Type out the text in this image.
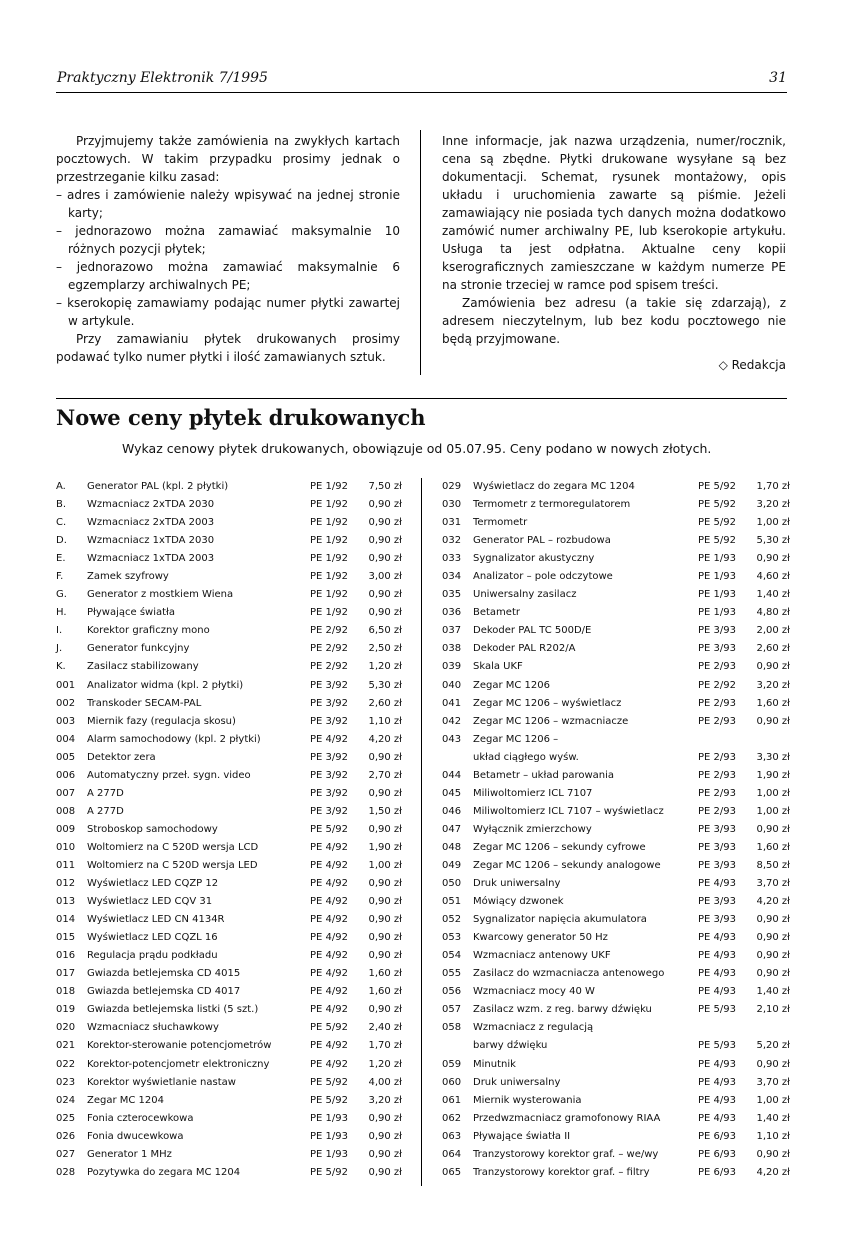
Praktyczny Elektronik 7/1995	31

Przyjmujemy także zamówienia na zwykłych kartach pocztowych. W takim przypadku prosimy jednak o przestrzeganie kilku zasad:

– adres i zamówienie należy wpisywać na jednej stronie karty;

– jednorazowo można zamawiać maksymalnie 10 różnych pozycji płytek;

– jednorazowo można zamawiać maksymalnie 6 egzemplarzy archiwalnych PE;

– kserokopię zamawiamy podając numer płytki zawartej w artykule.

Przy zamawianiu płytek drukowanych prosimy podawać tylko numer płytki i ilość zamawianych sztuk.

Inne informacje, jak nazwa urządzenia, numer/rocznik, cena są zbędne. Płytki drukowane wysyłane są bez dokumentacji. Schemat, rysunek montażowy, opis układu i uruchomienia zawarte są piśmie. Jeżeli zamawiający nie posiada tych danych można dodatkowo zamówić numer archiwalny PE, lub kserokopie artykułu. Usługa ta jest odpłatna. Aktualne ceny kopii kserograficznych zamieszczane w każdym numerze PE na stronie trzeciej w ramce pod spisem treści.

Zamówienia bez adresu (a takie się zdarzają), z adresem nieczytelnym, lub bez kodu pocztowego nie będą przyjmowane.

◇ Redakcja
Nowe ceny płytek drukowanych
Wykaz cenowy płytek drukowanych, obowiązuje od 05.07.95. Ceny podano w nowych złotych.
A.	Generator PAL (kpl. 2 płytki)	PE 1/92	7,50 zł
B.	Wzmacniacz 2xTDA 2030	PE 1/92	0,90 zł
C.	Wzmacniacz 2xTDA 2003	PE 1/92	0,90 zł
D.	Wzmacniacz 1xTDA 2030	PE 1/92	0,90 zł
E.	Wzmacniacz 1xTDA 2003	PE 1/92	0,90 zł
F.	Zamek szyfrowy	PE 1/92	3,00 zł
G.	Generator z mostkiem Wiena	PE 1/92	0,90 zł
H.	Pływające światła	PE 1/92	0,90 zł
I.	Korektor graficzny mono	PE 2/92	6,50 zł
J.	Generator funkcyjny	PE 2/92	2,50 zł
K.	Zasilacz stabilizowany	PE 2/92	1,20 zł
001	Analizator widma (kpl. 2 płytki)	PE 3/92	5,30 zł
002	Transkoder SECAM-PAL	PE 3/92	2,60 zł
003	Miernik fazy (regulacja skosu)	PE 3/92	1,10 zł
004	Alarm samochodowy (kpl. 2 płytki)	PE 4/92	4,20 zł
005	Detektor zera	PE 3/92	0,90 zł
006	Automatyczny przeł. sygn. video	PE 3/92	2,70 zł
007	A 277D	PE 3/92	0,90 zł
008	A 277D	PE 3/92	1,50 zł
009	Stroboskop samochodowy	PE 5/92	0,90 zł
010	Woltomierz na C 520D wersja LCD	PE 4/92	1,90 zł
011	Woltomierz na C 520D wersja LED	PE 4/92	1,00 zł
012	Wyświetlacz LED CQZP 12	PE 4/92	0,90 zł
013	Wyświetlacz LED CQV 31	PE 4/92	0,90 zł
014	Wyświetlacz LED CN 4134R	PE 4/92	0,90 zł
015	Wyświetlacz LED CQZL 16	PE 4/92	0,90 zł
016	Regulacja prądu podkładu	PE 4/92	0,90 zł
017	Gwiazda betlejemska CD 4015	PE 4/92	1,60 zł
018	Gwiazda betlejemska CD 4017	PE 4/92	1,60 zł
019	Gwiazda betlejemska listki (5 szt.)	PE 4/92	0,90 zł
020	Wzmacniacz słuchawkowy	PE 5/92	2,40 zł
021	Korektor-sterowanie potencjometrów	PE 4/92	1,70 zł
022	Korektor-potencjometr elektroniczny	PE 4/92	1,20 zł
023	Korektor wyświetlanie nastaw	PE 5/92	4,00 zł
024	Zegar MC 1204	PE 5/92	3,20 zł
025	Fonia czterocewkowa	PE 1/93	0,90 zł
026	Fonia dwucewkowa	PE 1/93	0,90 zł
027	Generator 1 MHz	PE 1/93	0,90 zł
028	Pozytywka do zegara MC 1204	PE 5/92	0,90 zł
029	Wyświetlacz do zegara MC 1204	PE 5/92	1,70 zł
030	Termometr z termoregulatorem	PE 5/92	3,20 zł
031	Termometr	PE 5/92	1,00 zł
032	Generator PAL – rozbudowa	PE 5/92	5,30 zł
033	Sygnalizator akustyczny	PE 1/93	0,90 zł
034	Analizator – pole odczytowe	PE 1/93	4,60 zł
035	Uniwersalny zasilacz	PE 1/93	1,40 zł
036	Betametr	PE 1/93	4,80 zł
037	Dekoder PAL TC 500D/E	PE 3/93	2,00 zł
038	Dekoder PAL R202/A	PE 3/93	2,60 zł
039	Skala UKF	PE 2/93	0,90 zł
040	Zegar MC 1206	PE 2/92	3,20 zł
041	Zegar MC 1206 – wyświetlacz	PE 2/93	1,60 zł
042	Zegar MC 1206 – wzmacniacze	PE 2/93	0,90 zł
043	Zegar MC 1206 –		
	układ ciągłego wyśw.	PE 2/93	3,30 zł
044	Betametr – układ parowania	PE 2/93	1,90 zł
045	Miliwoltomierz ICL 7107	PE 2/93	1,00 zł
046	Miliwoltomierz ICL 7107 – wyświetlacz	PE 2/93	1,00 zł
047	Wyłącznik zmierzchowy	PE 3/93	0,90 zł
048	Zegar MC 1206 – sekundy cyfrowe	PE 3/93	1,60 zł
049	Zegar MC 1206 – sekundy analogowe	PE 3/93	8,50 zł
050	Druk uniwersalny	PE 4/93	3,70 zł
051	Mówiący dzwonek	PE 3/93	4,20 zł
052	Sygnalizator napięcia akumulatora	PE 3/93	0,90 zł
053	Kwarcowy generator 50 Hz	PE 4/93	0,90 zł
054	Wzmacniacz antenowy UKF	PE 4/93	0,90 zł
055	Zasilacz do wzmacniacza antenowego	PE 4/93	0,90 zł
056	Wzmacniacz mocy 40 W	PE 4/93	1,40 zł
057	Zasilacz wzm. z reg. barwy dźwięku	PE 5/93	2,10 zł
058	Wzmacniacz z regulacją		
	barwy dźwięku	PE 5/93	5,20 zł
059	Minutnik	PE 4/93	0,90 zł
060	Druk uniwersalny	PE 4/93	3,70 zł
061	Miernik wysterowania	PE 4/93	1,00 zł
062	Przedwzmacniacz gramofonowy RIAA	PE 4/93	1,40 zł
063	Pływające światła II	PE 6/93	1,10 zł
064	Tranzystorowy korektor graf. – we/wy	PE 6/93	0,90 zł
065	Tranzystorowy korektor graf. – filtry	PE 6/93	4,20 zł
